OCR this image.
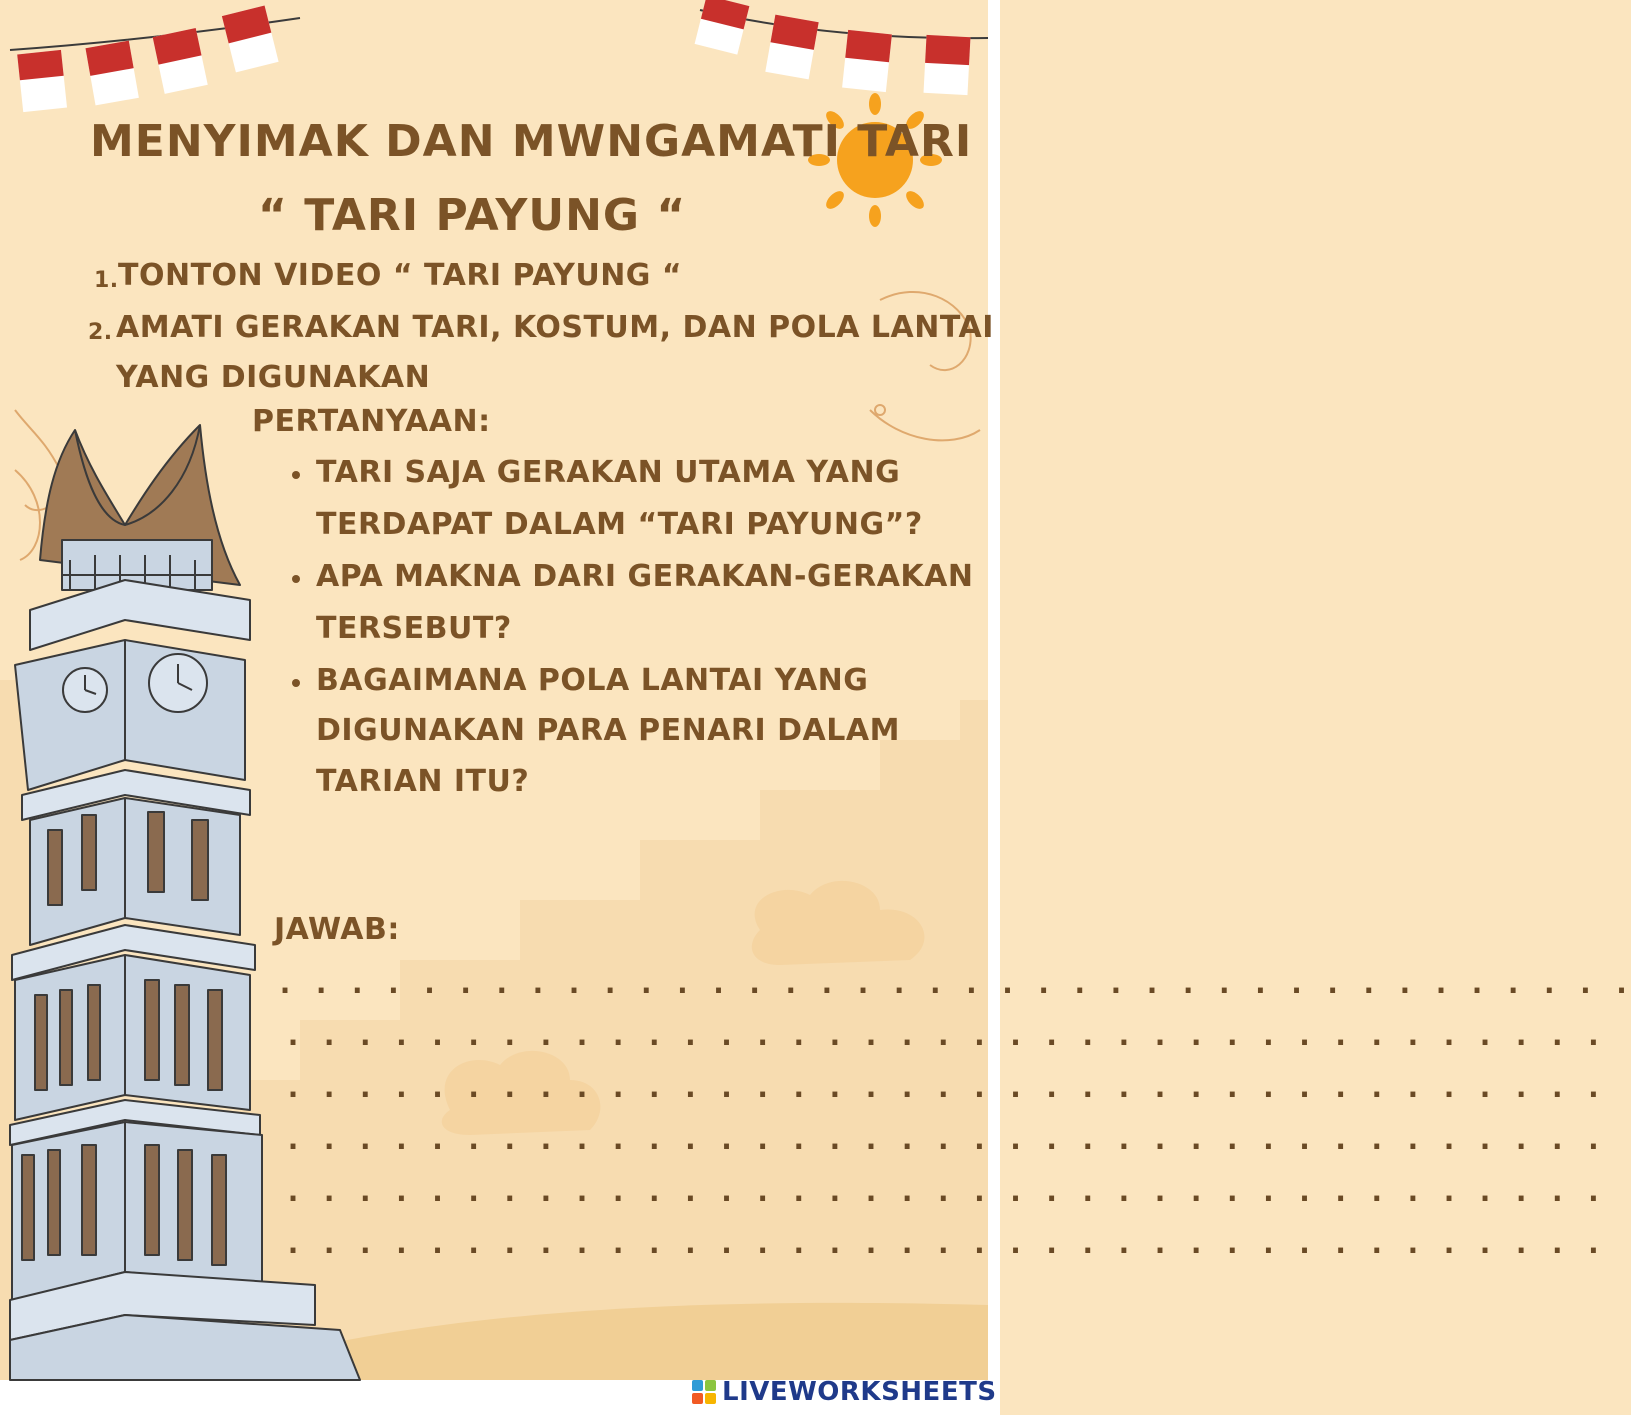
MENYIMAK DAN MWNGAMATI TARI
“ TARI PAYUNG “
1. TONTON VIDEO “ TARI PAYUNG “
2. AMATI GERAKAN TARI, KOSTUM, DAN POLA LANTAI
YANG DIGUNAKAN
PERTANYAAN:
TARI SAJA GERAKAN UTAMA YANG
TERDAPAT DALAM “TARI PAYUNG”?
APA MAKNA DARI GERAKAN-GERAKAN
TERSEBUT?
BAGAIMANA POLA LANTAI YANG
DIGUNAKAN PARA PENARI DALAM
TARIAN ITU?
JAWAB:
. . . . . . . . . . . . . . . . . . . . . . . . . . . . . . . . . . . . . .
. . . . . . . . . . . . . . . . . . . . . . . . . . . . . . . . . . . . .
. . . . . . . . . . . . . . . . . . . . . . . . . . . . . . . . . . . . .
. . . . . . . . . . . . . . . . . . . . . . . . . . . . . . . . . . . . .
. . . . . . . . . . . . . . . . . . . . . . . . . . . . . . . . . . . . .
. . . . . . . . . . . . . . . . . . . . . . . . . . . . . . . . . . . . .
LIVEWORKSHEETS
